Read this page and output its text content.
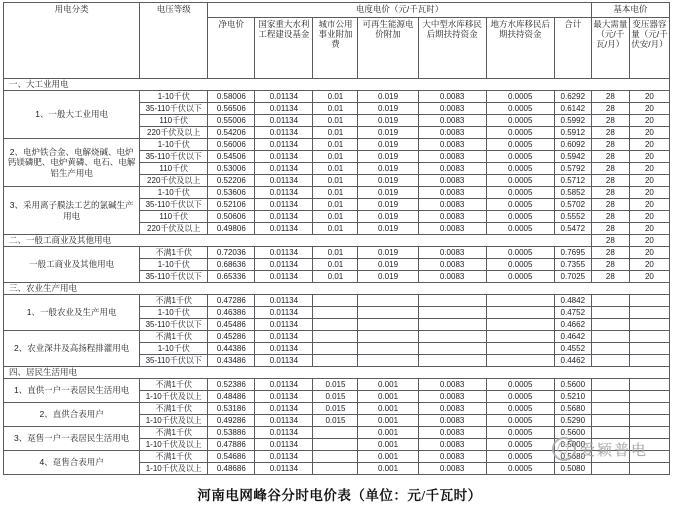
用电分类	电压等级	电度电价（元/千瓦时）							基本电价	
		净电价	国家重大水利工程建设基金	城市公用事业附加费	可再生能源电价附加	大中型水库移民后期扶持资金	地方水库移民后期扶持资金	合计	最大需量（元/千瓦/月）	变压器容量（元/千伏安/月）
一、大工业用电										
1、一般大工业用电	1-10千伏	0.58006	0.01134	0.01	0.019	0.0083	0.0005	0.6292	28	20
	35-110千伏以下	0.56506	0.01134	0.01	0.019	0.0083	0.0005	0.6142	28	20
	110千伏	0.55006	0.01134	0.01	0.019	0.0083	0.0005	0.5992	28	20
	220千伏及以上	0.54206	0.01134	0.01	0.019	0.0083	0.0005	0.5912	28	20
2、电炉铁合金、电解烧碱、电炉钙镁磷肥、电炉黄磷、电石、电解铝生产用电	1-10千伏	0.56006	0.01134	0.01	0.019	0.0083	0.0005	0.6092	28	20
	35-110千伏以下	0.54506	0.01134	0.01	0.019	0.0083	0.0005	0.5942	28	20
	110千伏	0.53006	0.01134	0.01	0.019	0.0083	0.0005	0.5792	28	20
	220千伏及以上	0.52206	0.01134	0.01	0.019	0.0083	0.0005	0.5712	28	20
3、采用离子膜法工艺的氯碱生产用电	1-10千伏	0.53606	0.01134	0.01	0.019	0.0083	0.0005	0.5852	28	20
	35-110千伏以下	0.52106	0.01134	0.01	0.019	0.0083	0.0005	0.5702	28	20
	110千伏	0.50606	0.01134	0.01	0.019	0.0083	0.0005	0.5552	28	20
	220千伏及以上	0.49806	0.01134	0.01	0.019	0.0083	0.0005	0.5472	28	20
二、一般工商业及其他用电									28	20
一般工商业及其他用电	不满1千伏	0.72036	0.01134	0.01	0.019	0.0083	0.0005	0.7695	28	20
	1-10千伏	0.68636	0.01134	0.01	0.019	0.0083	0.0005	0.7355	28	20
	35-110千伏以下	0.65336	0.01134	0.01	0.019	0.0083	0.0005	0.7025	28	20
三、农业生产用电										
1、一般农业及生产用电	不满1千伏	0.47286	0.01134					0.4842		
	1-10千伏	0.46386	0.01134					0.4752		
	35-110千伏以下	0.45486	0.01134					0.4662		
2、农业深井及高扬程排灌用电	不满1千伏	0.45286	0.01134					0.4642		
	1-10千伏	0.44386	0.01134					0.4552		
	35-110千伏以下	0.43486	0.01134					0.4462		
四、居民生活用电										
1、直供一户一表居民生活用电	不满1千伏	0.52386	0.01134	0.015	0.001	0.0083	0.0005	0.5600		
	1-10千伏及以上	0.48486	0.01134	0.015	0.001	0.0083	0.0005	0.5210		
2、直供合表用户	不满1千伏	0.53186	0.01134	0.015	0.001	0.0083	0.0005	0.5680		
	1-10千伏及以上	0.49286	0.01134	0.015	0.001	0.0083	0.0005	0.5290		
3、趸售一户一表居民生活用电	不满1千伏	0.53886	0.01134		0.001	0.0083	0.0005	0.5600		
	1-10千伏及以上	0.47886	0.01134		0.001	0.0083	0.0005	0.5000		
4、趸售合表用户	不满1千伏	0.54686	0.01134		0.001	0.0083	0.0005	0.5680		
	1-10千伏及以上	0.48686	0.01134		0.001	0.0083	0.0005	0.5080		
河南电网峰谷分时电价表（单位：元/千瓦时）
爱颖普电
